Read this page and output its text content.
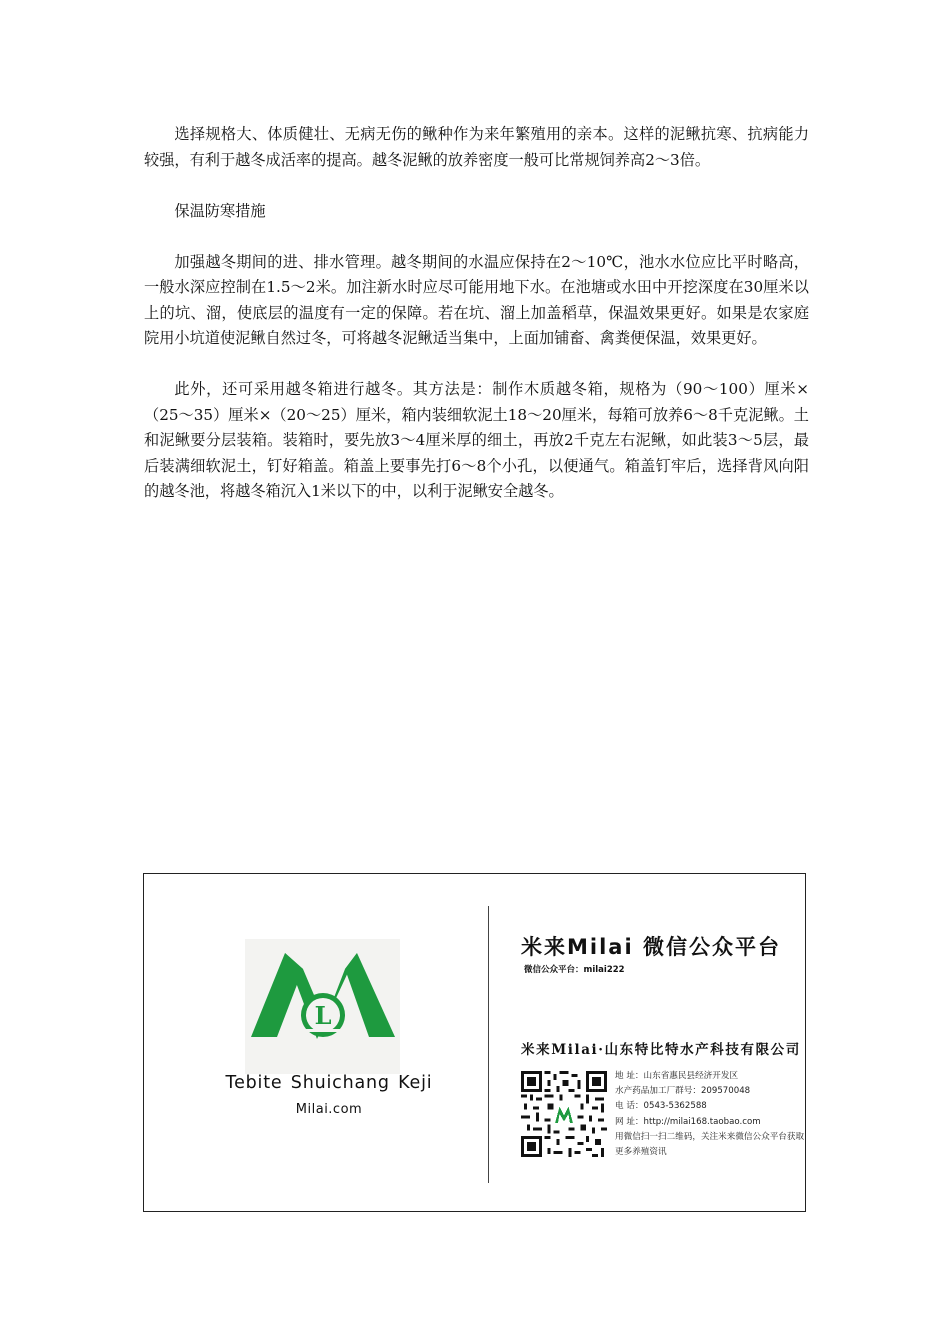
选择规格大、体质健壮、无病无伤的鳅种作为来年繁殖用的亲本。这样的泥鳅抗寒、抗病能力较强，有利于越冬成活率的提高。越冬泥鳅的放养密度一般可比常规饲养高2～3倍。

保温防寒措施

加强越冬期间的进、排水管理。越冬期间的水温应保持在2～10℃，池水水位应比平时略高，一般水深应控制在1.5～2米。加注新水时应尽可能用地下水。在池塘或水田中开挖深度在30厘米以上的坑、溜，使底层的温度有一定的保障。若在坑、溜上加盖稻草，保温效果更好。如果是农家庭院用小坑道使泥鳅自然过冬，可将越冬泥鳅适当集中，上面加铺畜、禽粪便保温，效果更好。

此外，还可采用越冬箱进行越冬。其方法是：制作木质越冬箱，规格为（90～100）厘米×（25～35）厘米×（20～25）厘米，箱内装细软泥土18～20厘米，每箱可放养6～8千克泥鳅。土和泥鳅要分层装箱。装箱时，要先放3～4厘米厚的细土，再放2千克左右泥鳅，如此装3～5层，最后装满细软泥土，钉好箱盖。箱盖上要事先打6～8个小孔，以便通气。箱盖钉牢后，选择背风向阳的越冬池，将越冬箱沉入1米以下的中，以利于泥鳅安全越冬。

L
Tebite Shuichang Keji
Milai.com
米来Milai 微信公众平台
微信公众平台：milai222
米来Milai·山东特比特水产科技有限公司
地 址：山东省惠民县经济开发区
水产药品加工厂群号：209570048
电 话：0543-5362588
网 址：http://milai168.taobao.com
用微信扫一扫二维码，关注米来微信公众平台获取更多养殖资讯
